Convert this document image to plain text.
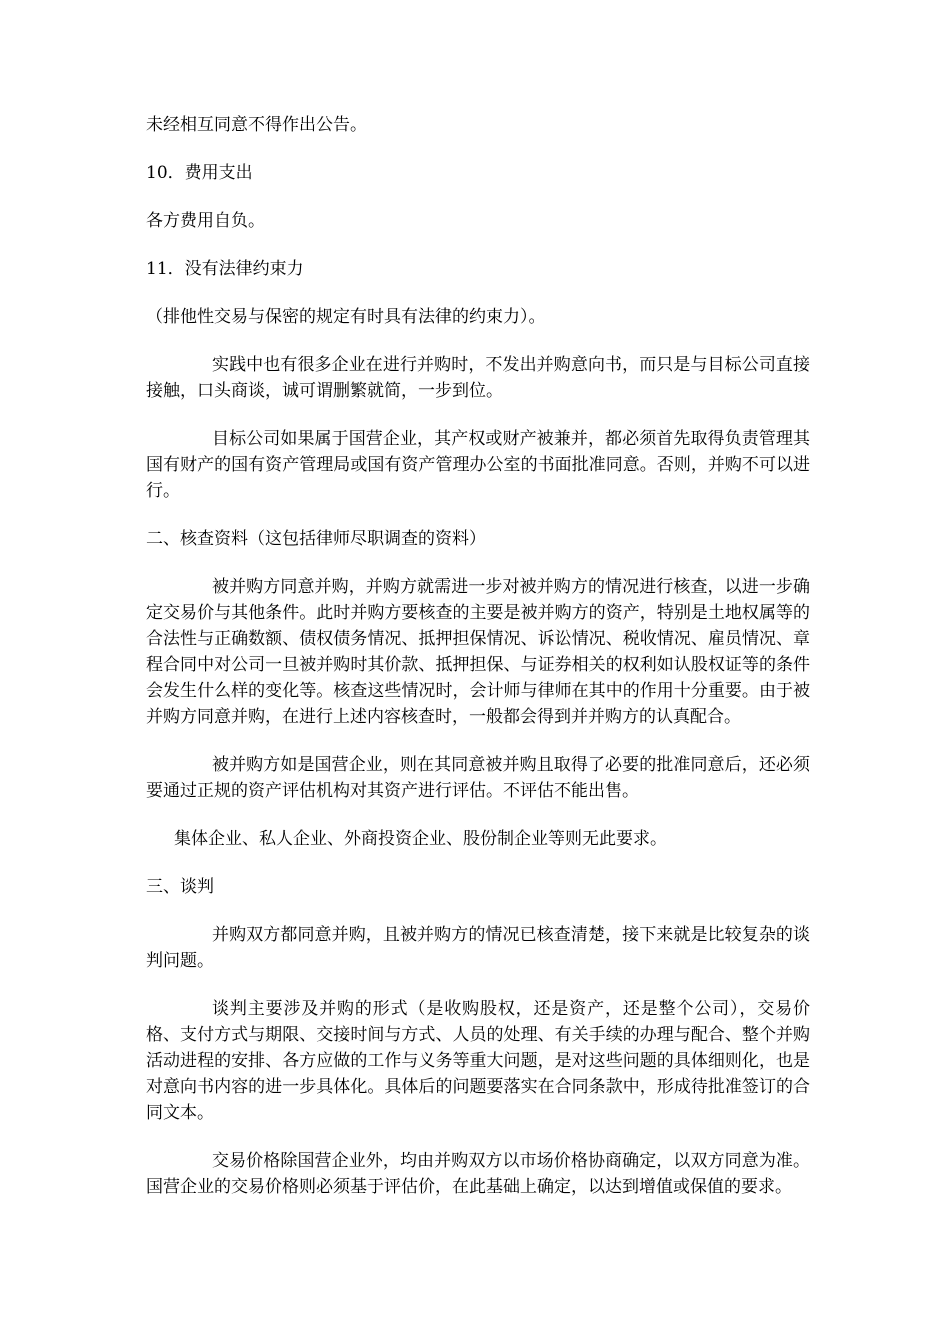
未经相互同意不得作出公告。

10．费用支出

各方费用自负。

11．没有法律约束力

（排他性交易与保密的规定有时具有法律的约束力）。

实践中也有很多企业在进行并购时，不发出并购意向书，而只是与目标公司直接接触，口头商谈，诚可谓删繁就简，一步到位。

目标公司如果属于国营企业，其产权或财产被兼并，都必须首先取得负责管理其国有财产的国有资产管理局或国有资产管理办公室的书面批准同意。否则，并购不可以进行。

二、核查资料（这包括律师尽职调查的资料）

被并购方同意并购，并购方就需进一步对被并购方的情况进行核查，以进一步确定交易价与其他条件。此时并购方要核查的主要是被并购方的资产，特别是土地权属等的合法性与正确数额、债权债务情况、抵押担保情况、诉讼情况、税收情况、雇员情况、章程合同中对公司一旦被并购时其价款、抵押担保、与证券相关的权利如认股权证等的条件会发生什么样的变化等。核查这些情况时，会计师与律师在其中的作用十分重要。由于被并购方同意并购，在进行上述内容核查时，一般都会得到并并购方的认真配合。

被并购方如是国营企业，则在其同意被并购且取得了必要的批准同意后，还必须要通过正规的资产评估机构对其资产进行评估。不评估不能出售。

集体企业、私人企业、外商投资企业、股份制企业等则无此要求。

三、谈判

并购双方都同意并购，且被并购方的情况已核查清楚，接下来就是比较复杂的谈判问题。

谈判主要涉及并购的形式（是收购股权，还是资产，还是整个公司），交易价格、支付方式与期限、交接时间与方式、人员的处理、有关手续的办理与配合、整个并购活动进程的安排、各方应做的工作与义务等重大问题，是对这些问题的具体细则化，也是对意向书内容的进一步具体化。具体后的问题要落实在合同条款中，形成待批准签订的合同文本。

交易价格除国营企业外，均由并购双方以市场价格协商确定，以双方同意为准。国营企业的交易价格则必须基于评估价，在此基础上确定，以达到增值或保值的要求。
